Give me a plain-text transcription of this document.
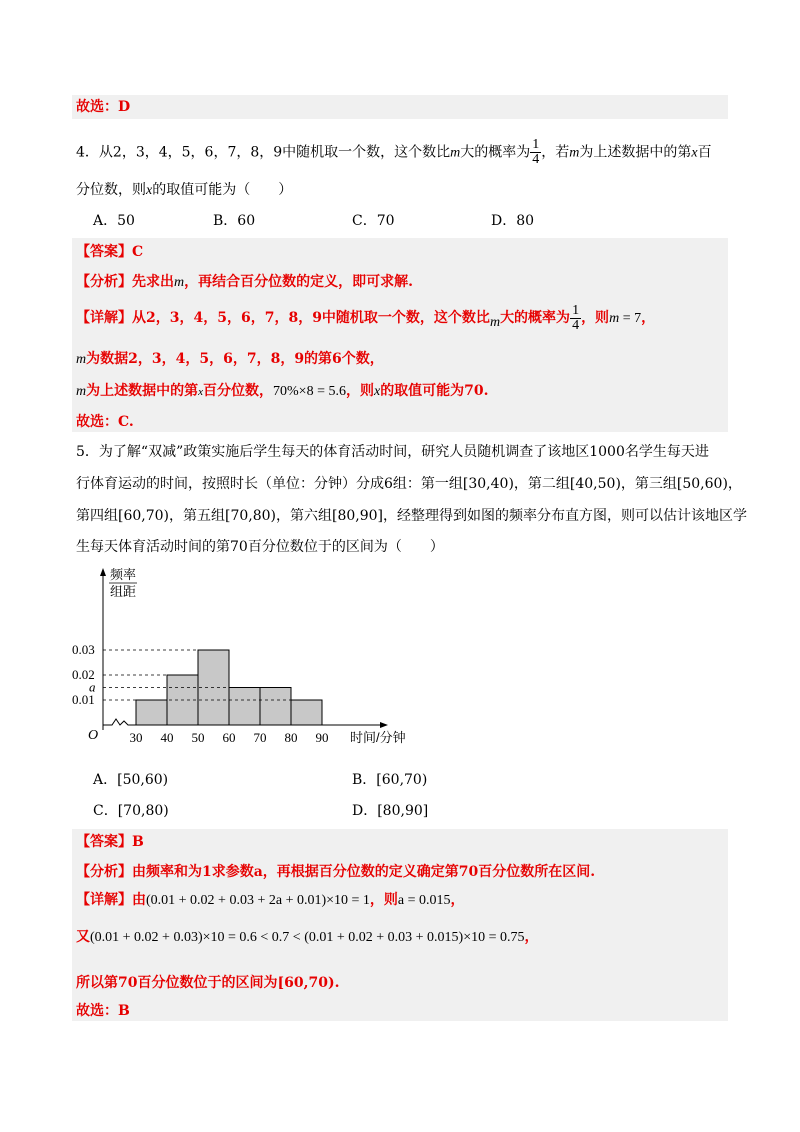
故选：D
4．从2，3，4，5，6，7，8，9中随机取一个数，这个数比m大的概率为 $\frac{1}{4}$ ，若m为上述数据中的第x百
分位数，则x的取值可能为（　　）
A．50	B．60	C．70	D．80
【答案】C
【分析】先求出m，再结合百分位数的定义，即可求解.
【详解】从2，3，4，5，6，7，8，9中随机取一个数，这个数比m大的概率为 $\frac{1}{4}$ ，则m = 7，
m为数据2，3，4，5，6，7，8，9的第6个数，
m为上述数据中的第x百分位数，70%×8 = 5.6，则x的取值可能为70.
故选：C.
5．为了解“双减”政策实施后学生每天的体育活动时间，研究人员随机调查了该地区1000名学生每天进
行体育运动的时间，按照时长（单位：分钟）分成6组：第一组[30,40)，第二组[40,50)，第三组[50,60)，
第四组[60,70)，第五组[70,80)，第六组[80,90]，经整理得到如图的频率分布直方图，则可以估计该地区学
生每天体育活动时间的第70百分位数位于的区间为（　　）
频率
组距
O	时间/分钟
30 40 50 60 70 80 90
0.03
0.02
a
0.01
A．[50,60)	B．[60,70)
C．[70,80)	D．[80,90]
【答案】B
【分析】由频率和为1求参数a，再根据百分位数的定义确定第70百分位数所在区间.
【详解】由(0.01 + 0.02 + 0.03 + 2a + 0.01)×10 = 1，则a = 0.015，
又(0.01 + 0.02 + 0.03)×10 = 0.6 < 0.7 < (0.01 + 0.02 + 0.03 + 0.015)×10 = 0.75，
所以第70百分位数位于的区间为[60,70).
故选：B
